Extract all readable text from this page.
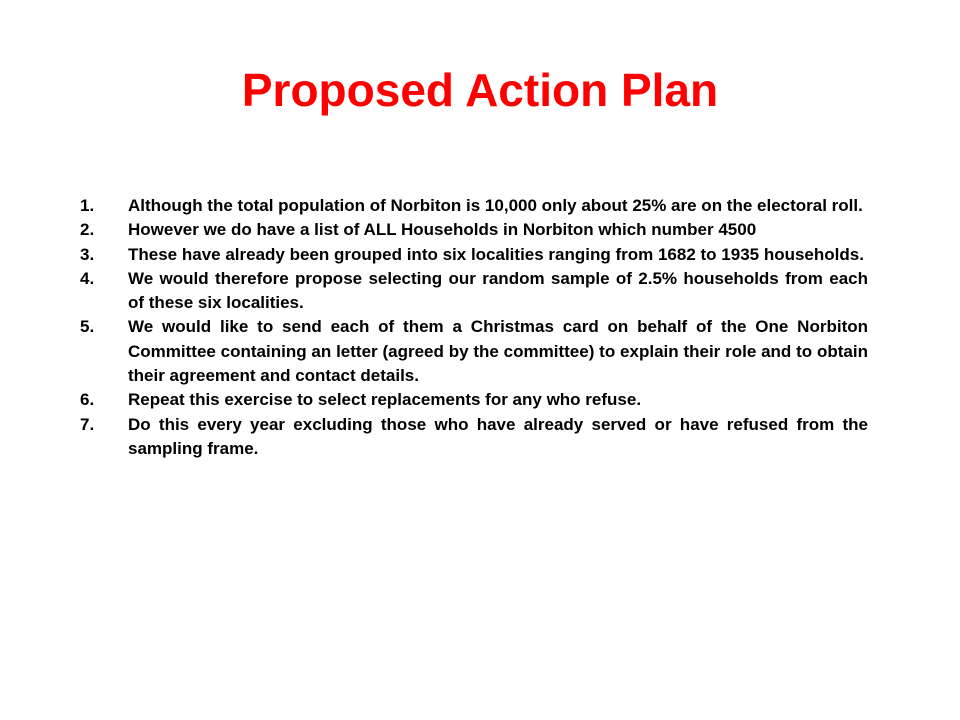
Proposed Action Plan
1.	Although the total population of Norbiton is 10,000 only about 25% are on the electoral roll.
2.	However we do have a list of ALL Households in Norbiton which number 4500
3.	These have already been grouped into six localities ranging from 1682 to 1935 households.
4.	We would therefore propose selecting our random sample of 2.5% households from each of these six localities.
5.	We would like to send each of them a Christmas card on behalf of the One Norbiton Committee containing an letter (agreed by the committee) to explain their role and to obtain their agreement and contact details.
6.	Repeat this exercise to select replacements for any who refuse.
7.	Do this every year excluding those who have already served or have refused from the sampling frame.
